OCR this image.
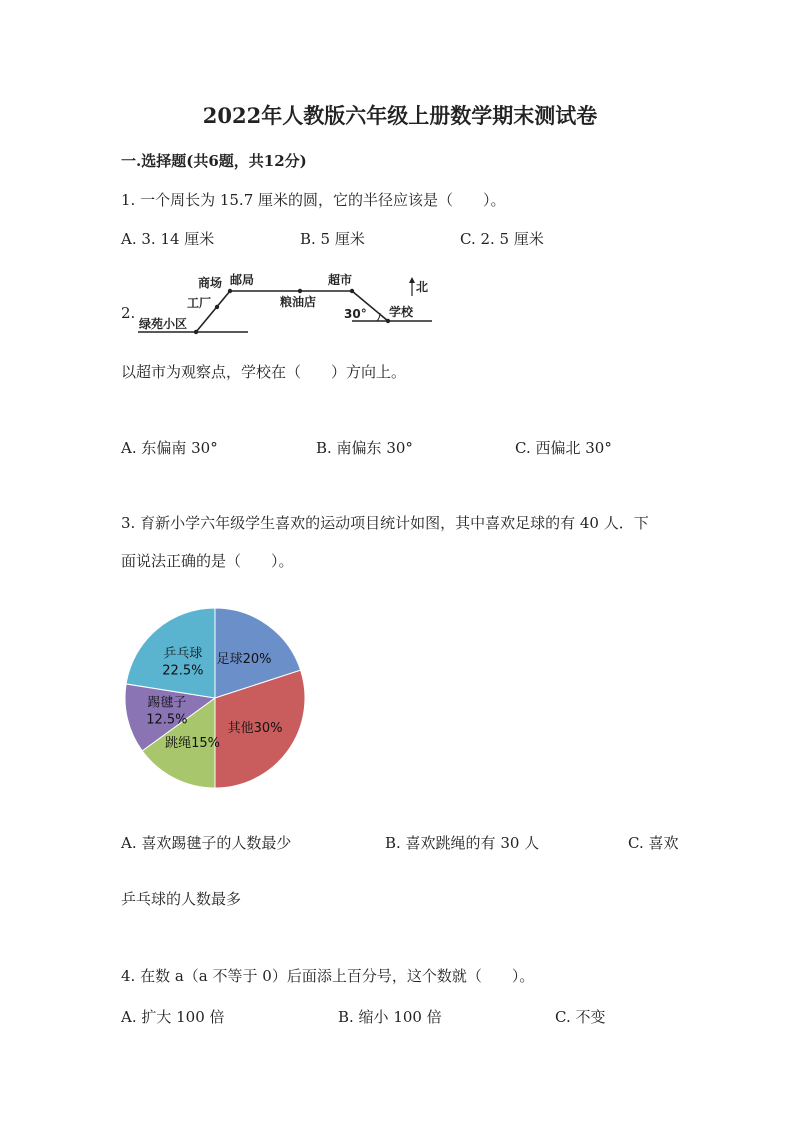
2022年人教版六年级上册数学期末测试卷
一.选择题(共6题，共12分)
1. 一个周长为 15.7 厘米的圆，它的半径应该是（　　）。
A. 3. 14 厘米	B. 5 厘米	C. 2. 5 厘米
2.
商场 邮局	超市
工厂	粮油店
学校
绿苑小区
北
30°
以超市为观察点，学校在（　　）方向上。
A. 东偏南 30°	B. 南偏东 30°	C. 西偏北 30°
3. 育新小学六年级学生喜欢的运动项目统计如图，其中喜欢足球的有 40 人．下
面说法正确的是（　　）。
足球20%
其他30%
跳绳15%
踢毽子
12.5%
乒乓球
22.5%
A. 喜欢踢毽子的人数最少	B. 喜欢跳绳的有 30 人	C. 喜欢
乒乓球的人数最多
4. 在数 a（a 不等于 0）后面添上百分号，这个数就（　　）。
A. 扩大 100 倍	B. 缩小 100 倍	C. 不变
